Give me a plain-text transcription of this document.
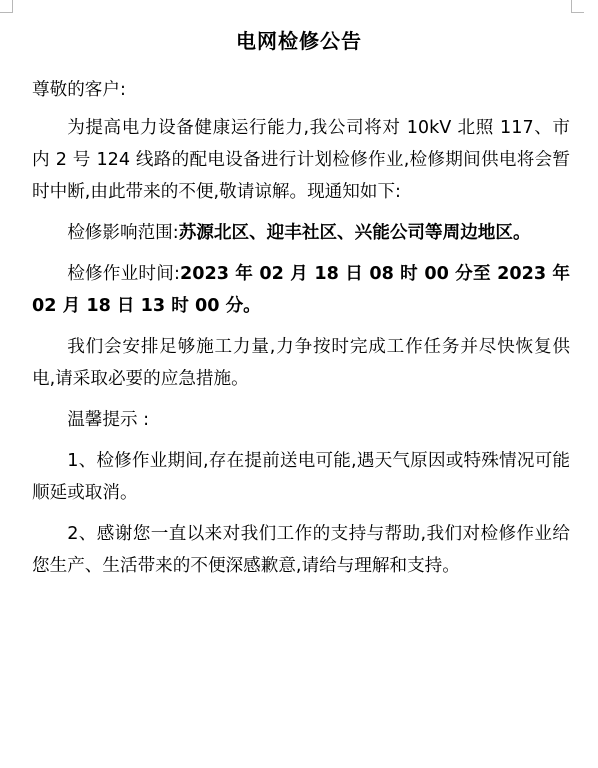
电网检修公告

尊敬的客户:

为提高电力设备健康运行能力,我公司将对 10kV 北照 117、市内 2 号 124 线路的配电设备进行计划检修作业,检修期间供电将会暂时中断,由此带来的不便,敬请谅解。现通知如下:

检修影响范围:苏源北区、迎丰社区、兴能公司等周边地区。

检修作业时间:2023 年 02 月 18 日 08 时 00 分至 2023 年 02 月 18 日 13 时 00 分。

我们会安排足够施工力量,力争按时完成工作任务并尽快恢复供电,请采取必要的应急措施。

温馨提示 :

1、检修作业期间,存在提前送电可能,遇天气原因或特殊情况可能顺延或取消。

2、感谢您一直以来对我们工作的支持与帮助,我们对检修作业给您生产、生活带来的不便深感歉意,请给与理解和支持。
